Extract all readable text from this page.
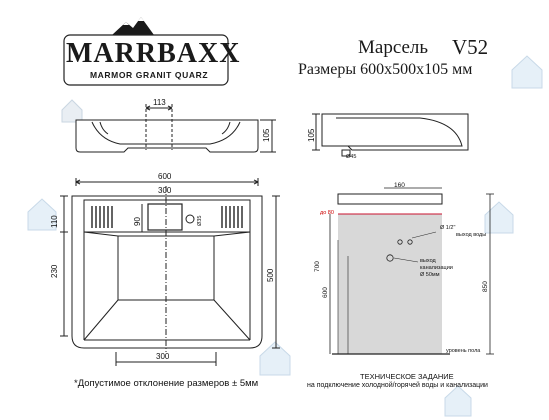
MARRBAXX
MARMOR GRANIT QUARZ
Марсель V52
Размеры 600х500х105 мм
113
105	105
Ø45
600
300
300
110	90
230	500
Ø35
160
до 80
700
600
850
Ø 1/2"
выход воды
выход
канализации
Ø 50мм
уровень пола
ТЕХНИЧЕСКОЕ ЗАДАНИЕ
на подключение холодной/горячей воды и канализации
*Допустимое отклонение размеров ± 5мм
